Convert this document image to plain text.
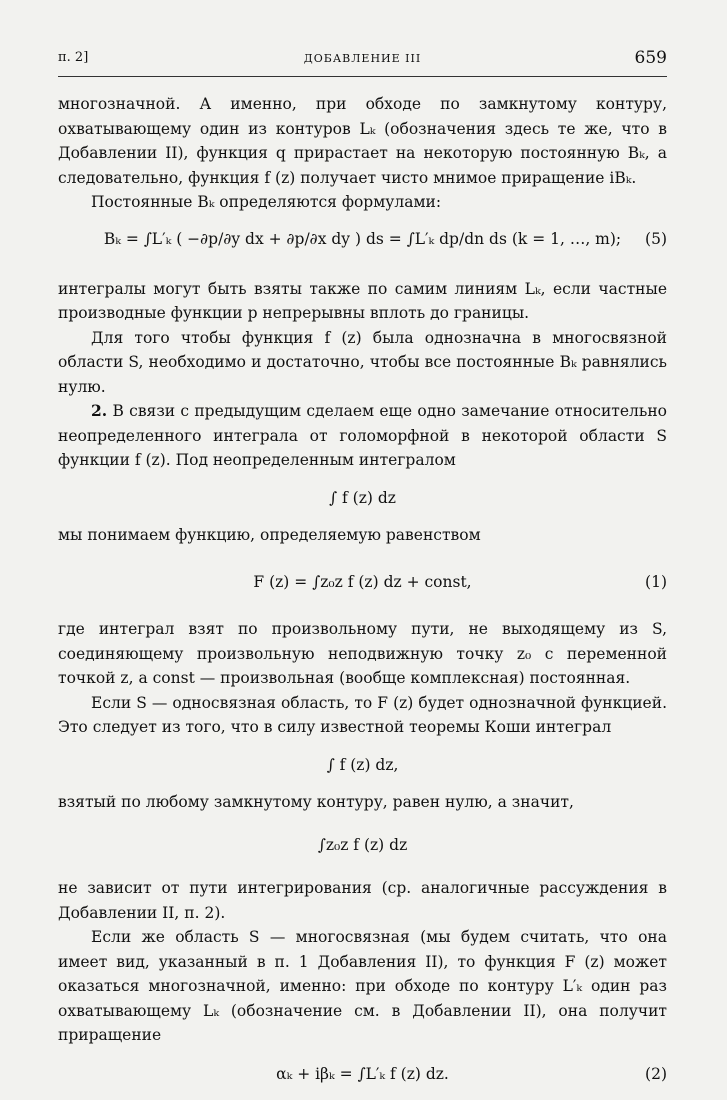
п. 2]	ДОБАВЛЕНИЕ III	659

многозначной. А именно, при обходе по замкнутому контуру, охватывающему один из контуров Lₖ (обозначения здесь те же, что в Добавлении II), функция q прирастает на некоторую постоянную Bₖ, а следовательно, функция f (z) получает чисто мнимое приращение iBₖ.

Постоянные Bₖ определяются формулами:

Bₖ = ∫L′ₖ ( −∂p/∂y dx + ∂p/∂x dy ) ds = ∫L′ₖ dp/dn ds (k = 1, …, m); (5)

интегралы могут быть взяты также по самим линиям Lₖ, если частные производные функции p непрерывны вплоть до границы.

Для того чтобы функция f (z) была однозначна в многосвязной области S, необходимо и достаточно, чтобы все постоянные Bₖ равнялись нулю.

2. В связи с предыдущим сделаем еще одно замечание относительно неопределенного интеграла от голоморфной в некоторой области S функции f (z). Под неопределенным интегралом

∫ f (z) dz

мы понимаем функцию, определяемую равенством

F (z) = ∫z₀z f (z) dz + const,	(1)

где интеграл взят по произвольному пути, не выходящему из S, соединяющему произвольную неподвижную точку z₀ с переменной точкой z, а const — произвольная (вообще комплексная) постоянная.

Если S — односвязная область, то F (z) будет однозначной функцией. Это следует из того, что в силу известной теоремы Коши интеграл

∫ f (z) dz,

взятый по любому замкнутому контуру, равен нулю, а значит,

∫z₀z f (z) dz

не зависит от пути интегрирования (ср. аналогичные рассуждения в Добавлении II, п. 2).

Если же область S — многосвязная (мы будем считать, что она имеет вид, указанный в п. 1 Добавления II), то функция F (z) может оказаться многозначной, именно: при обходе по контуру L′ₖ один раз охватывающему Lₖ (обозначение см. в Добавлении II), она получит приращение

αₖ + iβₖ = ∫L′ₖ f (z) dz.	(2)
